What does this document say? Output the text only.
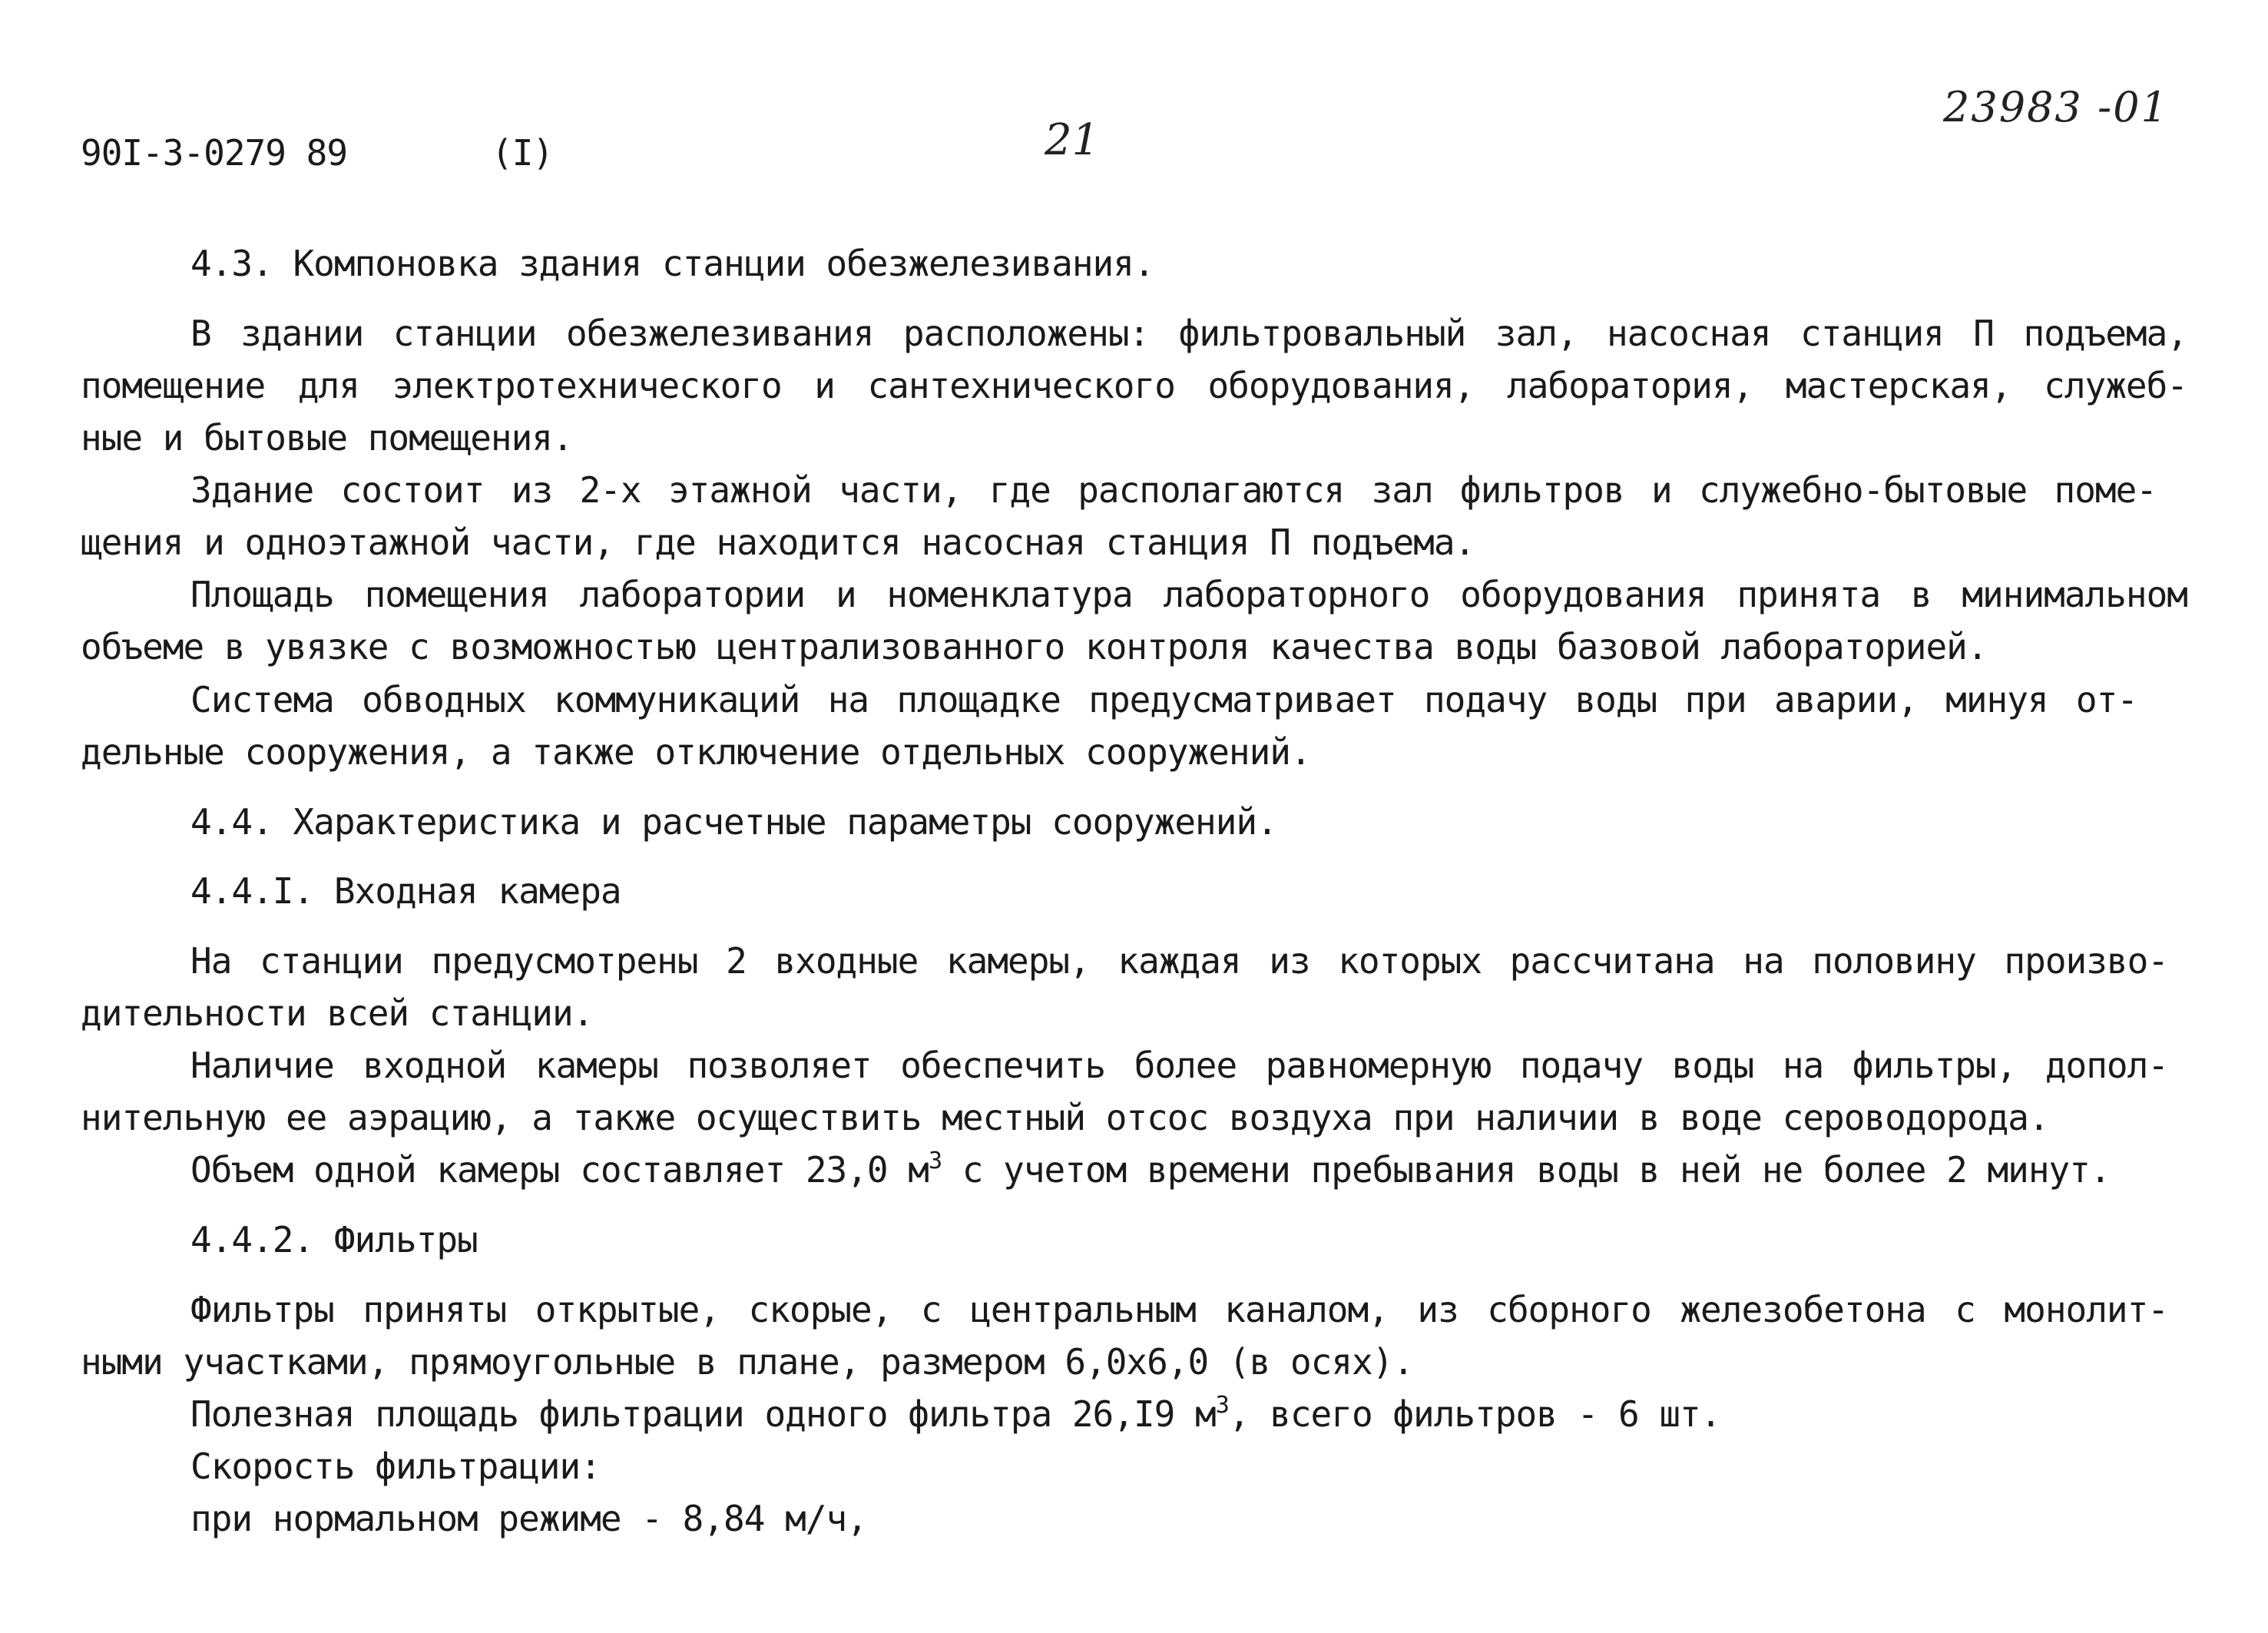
90I-3-0279 89	(I)	21
23983 -01
4.3. Компоновка здания станции обезжелезивания.
В здании станции обезжелезивания расположены: фильтровальный зал, насосная станция П подъема,
помещение для электротехнического и сантехнического оборудования, лаборатория, мастерская, служеб-
ные и бытовые помещения.
Здание состоит из 2-х этажной части, где располагаются зал фильтров и служебно-бытовые поме-
щения и одноэтажной части, где находится насосная станция П подъема.
Площадь помещения лаборатории и номенклатура лабораторного оборудования принята в минимальном
объеме в увязке с возможностью централизованного контроля качества воды базовой лабораторией.
Система обводных коммуникаций на площадке предусматривает подачу воды при аварии, минуя от-
дельные сооружения, а также отключение отдельных сооружений.
4.4. Характеристика и расчетные параметры сооружений.
4.4.I. Входная камера
На станции предусмотрены 2 входные камеры, каждая из которых рассчитана на половину произво-
дительности всей станции.
Наличие входной камеры позволяет обеспечить более равномерную подачу воды на фильтры, допол-
нительную ее аэрацию, а также осуществить местный отсос воздуха при наличии в воде сероводорода.
Объем одной камеры составляет 23,0 $м^3$ с учетом времени пребывания воды в ней не более 2 минут.
4.4.2. Фильтры
Фильтры приняты открытые, скорые, с центральным каналом, из сборного железобетона с монолит-
ными участками, прямоугольные в плане, размером 6,0х6,0 (в осях).
Полезная площадь фильтрации одного фильтра 26,I9 $м^3$, всего фильтров - 6 шт.
Скорость фильтрации:
при нормальном режиме - 8,84 м/ч,
